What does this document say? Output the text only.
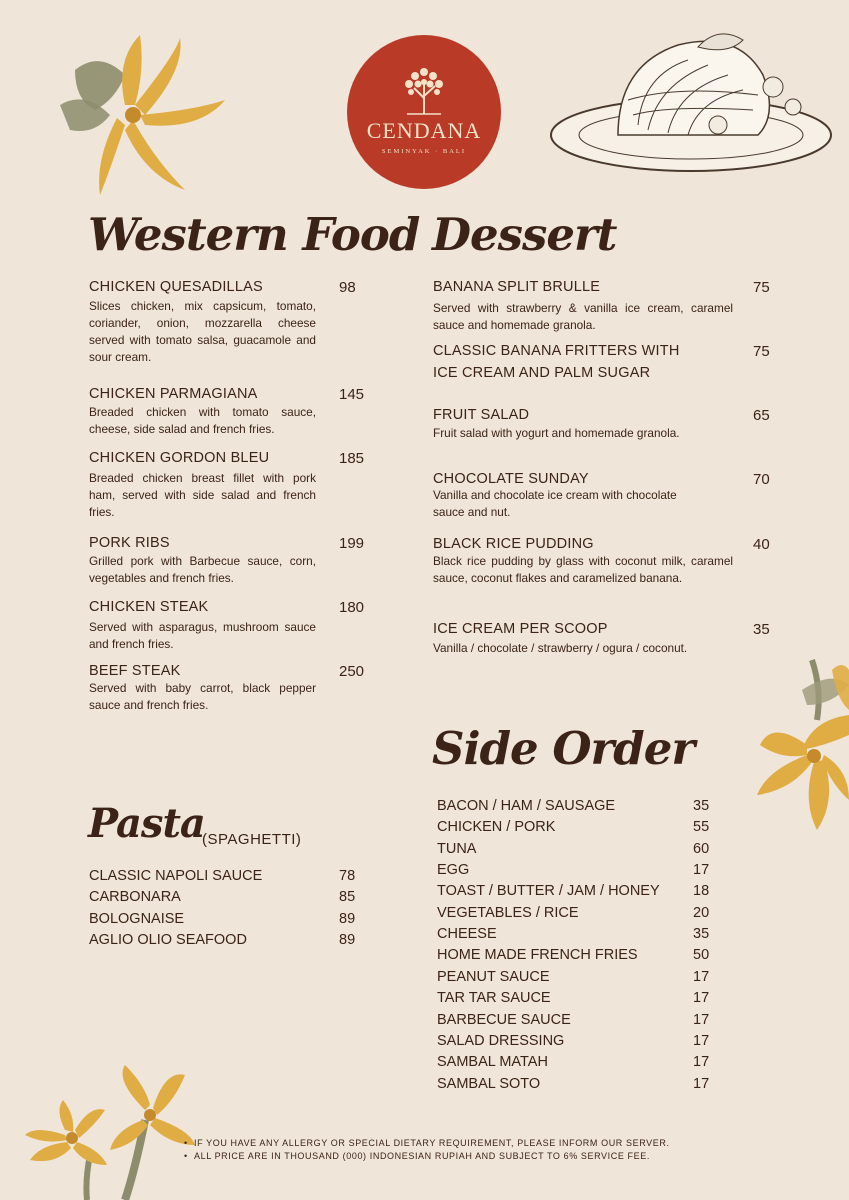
CENDANA
SEMINYAK · BALI
Western Food Dessert
Side Order
Pasta
(SPAGHETTI)
CHICKEN QUESADILLAS	98
Slices chicken, mix capsicum, tomato, coriander, onion, mozzarella cheese served with tomato salsa, guacamole and sour cream.
CHICKEN PARMAGIANA	145
Breaded chicken with tomato sauce, cheese, side salad and french fries.
CHICKEN GORDON BLEU	185
Breaded chicken breast fillet with pork ham, served with side salad and french fries.
PORK RIBS	199
Grilled pork with Barbecue sauce, corn, vegetables and french fries.
CHICKEN STEAK	180
Served with asparagus, mushroom sauce and french fries.
BEEF STEAK	250
Served with baby carrot, black pepper sauce and french fries.
BANANA SPLIT BRULLE	75
Served with strawberry & vanilla ice cream, caramel sauce and homemade granola.
CLASSIC BANANA FRITTERS WITH
ICE CREAM AND PALM SUGAR
75
FRUIT SALAD	65
Fruit salad with yogurt and homemade granola.
CHOCOLATE SUNDAY	70
Vanilla and chocolate ice cream with chocolate sauce and nut.
BLACK RICE PUDDING	40
Black rice pudding by glass with coconut milk, caramel sauce, coconut flakes and caramelized banana.
ICE CREAM PER SCOOP	35
Vanilla / chocolate / strawberry / ogura / coconut.
CLASSIC NAPOLI SAUCE	78
CARBONARA	85
BOLOGNAISE	89
AGLIO OLIO SEAFOOD	89
BACON / HAM / SAUSAGE	35
CHICKEN / PORK	55
TUNA	60
EGG	17
TOAST / BUTTER / JAM / HONEY 18
VEGETABLES / RICE	20
CHEESE	35
HOME MADE FRENCH FRIES	50
PEANUT SAUCE	17
TAR TAR SAUCE	17
BARBECUE SAUCE	17
SALAD DRESSING	17
SAMBAL MATAH	17
SAMBAL SOTO	17
• IF YOU HAVE ANY ALLERGY OR SPECIAL DIETARY REQUIREMENT, PLEASE INFORM OUR SERVER.
• ALL PRICE ARE IN THOUSAND (000) INDONESIAN RUPIAH AND SUBJECT TO 6% SERVICE FEE.
